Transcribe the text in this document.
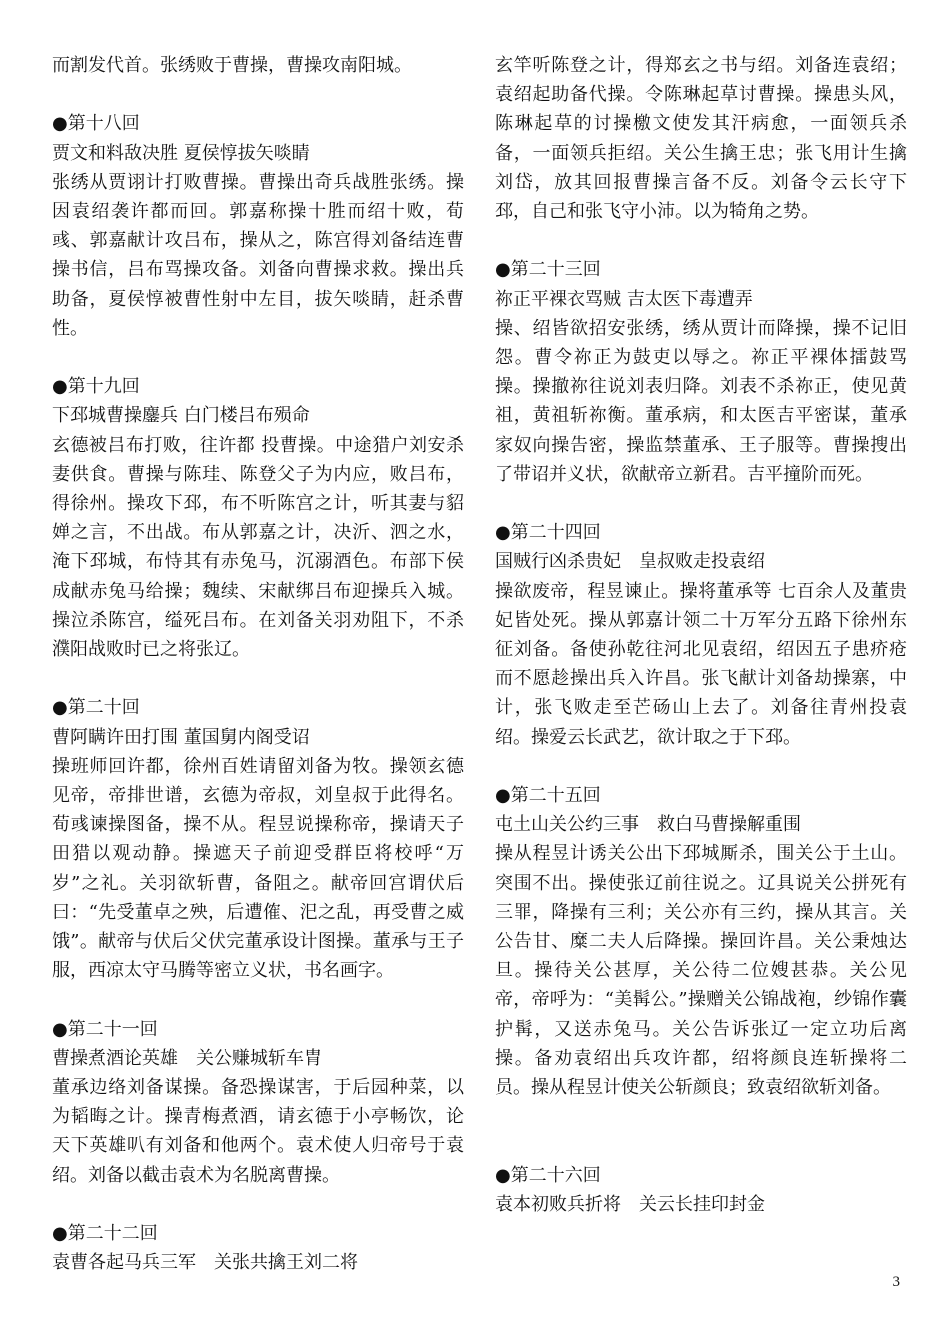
而割发代首。张绣败于曹操，曹操攻南阳城。

●第十八回
贾文和料敌决胜 夏侯惇拔矢啖睛
张绣从贾诩计打败曹操。曹操出奇兵战胜张绣。操因袁绍袭许都而回。郭嘉称操十胜而绍十败，荀彧、郭嘉献计攻吕布，操从之，陈宫得刘备结连曹操书信，吕布骂操攻备。刘备向曹操求救。操出兵助备，夏侯惇被曹性射中左目，拔矢啖睛，赶杀曹性。

●第十九回
下邳城曹操鏖兵 白门楼吕布殒命
玄德被吕布打败，往许都 投曹操。中途猎户刘安杀妻供食。曹操与陈珪、陈登父子为内应，败吕布，得徐州。操攻下邳，布不听陈宫之计，听其妻与貂婵之言，不出战。布从郭嘉之计，决沂、泗之水，淹下邳城，布恃其有赤兔马，沉溺酒色。布部下侯成献赤兔马给操；魏续、宋献绑吕布迎操兵入城。操泣杀陈宫，缢死吕布。在刘备关羽劝阻下，不杀濮阳战败时已之将张辽。

●第二十回
曹阿瞒许田打围 董国舅内阁受诏
操班师回许都，徐州百姓请留刘备为牧。操领玄德见帝，帝排世谱，玄德为帝叔，刘皇叔于此得名。荀彧谏操图备，操不从。程昱说操称帝，操请天子田猎以观动静。操遮天子前迎受群臣将校呼“万岁”之礼。关羽欲斩曹，备阻之。献帝回宫谓伏后曰：“先受董卓之殃，后遭傕、汜之乱，再受曹之威饿”。献帝与伏后父伏完董承设计图操。董承与王子服，西凉太守马腾等密立义状，书名画字。

●第二十一回
曹操煮酒论英雄　关公赚城斩车胄
董承边络刘备谋操。备恐操谋害，于后园种菜，以为韬晦之计。操青梅煮酒，请玄德于小亭畅饮，论天下英雄叭有刘备和他两个。袁术使人归帝号于袁绍。刘备以截击袁术为名脱离曹操。

●第二十二回
袁曹各起马兵三军　关张共擒王刘二将

玄竿听陈登之计，得郑玄之书与绍。刘备连袁绍；袁绍起助备代操。令陈琳起草讨曹操。操患头风，陈琳起草的讨操檄文使发其汗病愈，一面领兵杀备，一面领兵拒绍。关公生擒王忠；张飞用计生擒刘岱，放其回报曹操言备不反。刘备令云长守下邳，自己和张飞守小沛。以为犄角之势。

●第二十三回
祢正平裸衣骂贼 吉太医下毒遭弄
操、绍皆欲招安张绣，绣从贾计而降操，操不记旧怨。曹令祢正为鼓吏以辱之。祢正平裸体擂鼓骂操。操撤祢往说刘表归降。刘表不杀祢正，使见黄祖，黄祖斩祢衡。董承病，和太医吉平密谋，董承家奴向操告密，操监禁董承、王子服等。曹操搜出了带诏并义状，欲献帝立新君。吉平撞阶而死。

●第二十四回
国贼行凶杀贵妃　皇叔败走投袁绍
操欲废帝，程昱谏止。操将董承等 七百余人及董贵妃皆处死。操从郭嘉计领二十万军分五路下徐州东征刘备。备使孙乾往河北见袁绍，绍因五子患疥疮而不愿趁操出兵入许昌。张飞献计刘备劫操寨，中计，张飞败走至芒砀山上去了。刘备往青州投袁绍。操爱云长武艺，欲计取之于下邳。

●第二十五回
屯土山关公约三事　救白马曹操解重围
操从程昱计诱关公出下邳城厮杀，围关公于土山。突围不出。操使张辽前往说之。辽具说关公拼死有三罪，降操有三利；关公亦有三约，操从其言。关公告甘、糜二夫人后降操。操回许昌。关公秉烛达旦。操待关公甚厚，关公待二位嫂甚恭。关公见帝，帝呼为：“美髯公。”操赠关公锦战袍，纱锦作囊护髯，又送赤兔马。关公告诉张辽一定立功后离操。备劝袁绍出兵攻许都，绍将颜良连斩操将二员。操从程昱计使关公斩颜良；致袁绍欲斩刘备。

●第二十六回
袁本初败兵折将　关云长挂印封金

3
